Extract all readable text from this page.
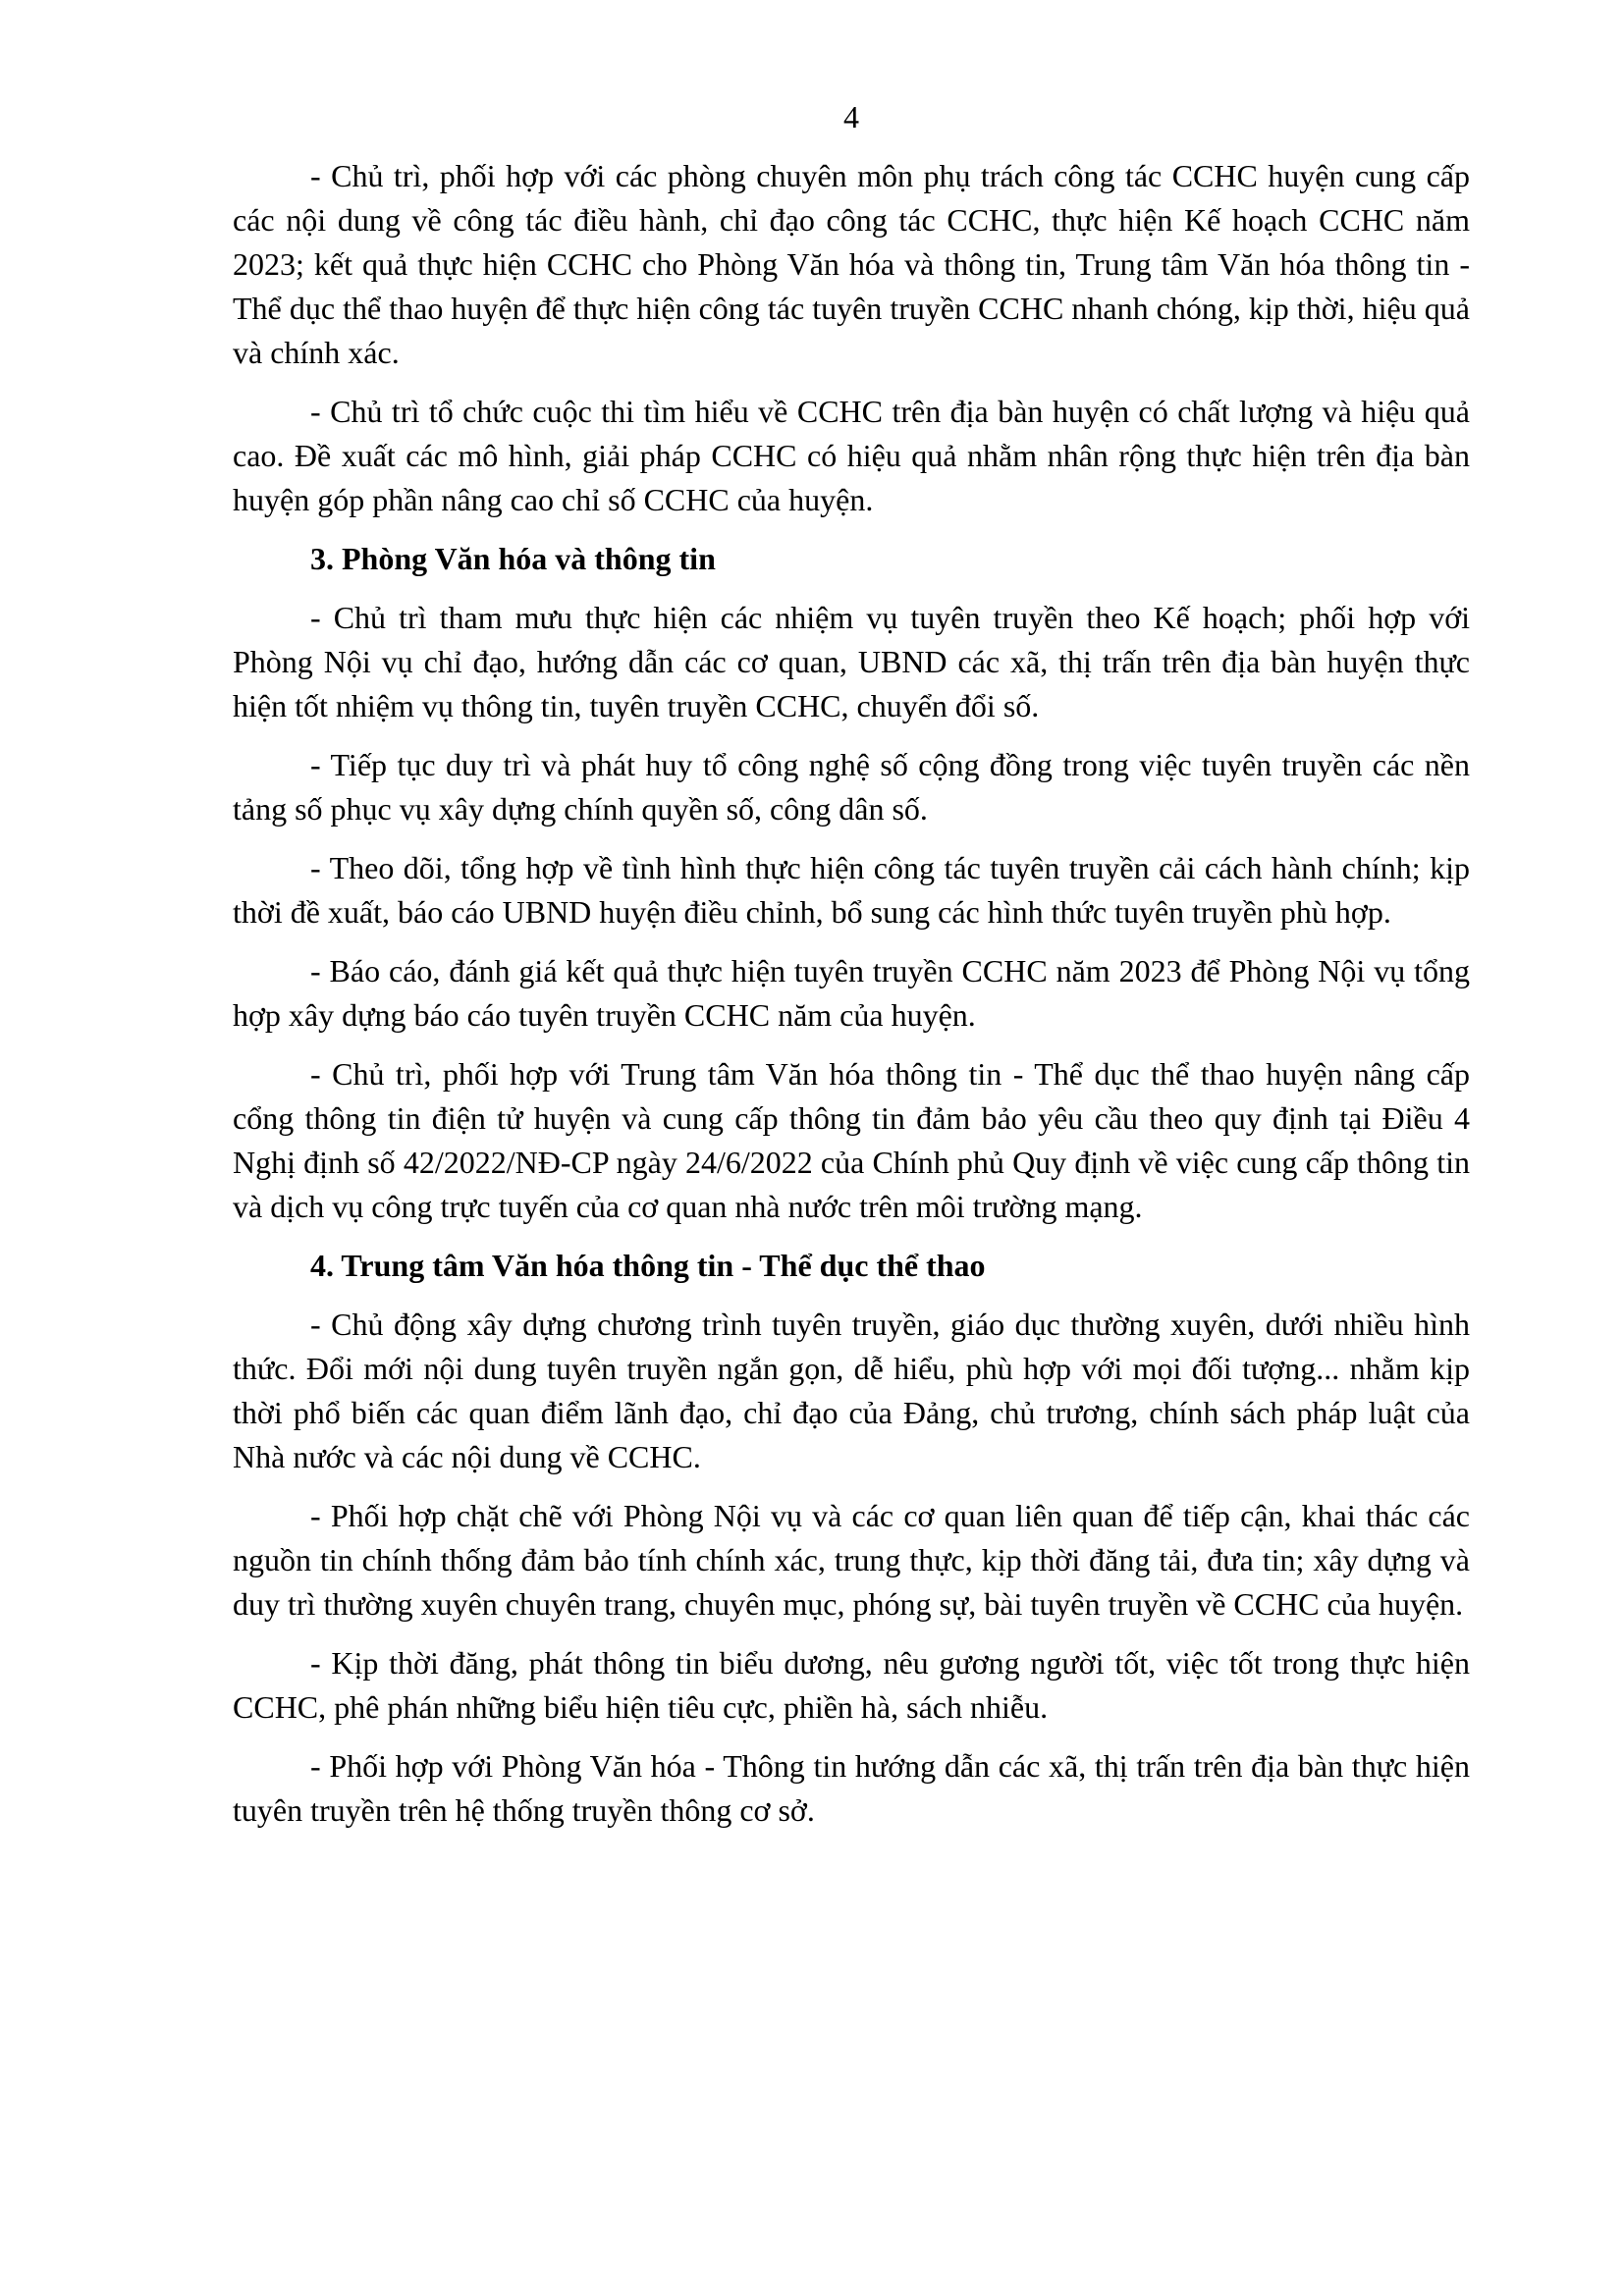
4
- Chủ trì, phối hợp với các phòng chuyên môn phụ trách công tác CCHC huyện cung cấp các nội dung về công tác điều hành, chỉ đạo công tác CCHC, thực hiện Kế hoạch CCHC năm 2023; kết quả thực hiện CCHC cho Phòng Văn hóa và thông tin, Trung tâm Văn hóa thông tin - Thể dục thể thao huyện để thực hiện công tác tuyên truyền CCHC nhanh chóng, kịp thời, hiệu quả và chính xác.
- Chủ trì tổ chức cuộc thi tìm hiểu về CCHC trên địa bàn huyện có chất lượng và hiệu quả cao. Đề xuất các mô hình, giải pháp CCHC có hiệu quả nhằm nhân rộng thực hiện trên địa bàn huyện góp phần nâng cao chỉ số CCHC của huyện.
3. Phòng Văn hóa và thông tin
- Chủ trì tham mưu thực hiện các nhiệm vụ tuyên truyền theo Kế hoạch; phối hợp với Phòng Nội vụ chỉ đạo, hướng dẫn các cơ quan, UBND các xã, thị trấn trên địa bàn huyện thực hiện tốt nhiệm vụ thông tin, tuyên truyền CCHC, chuyển đổi số.
- Tiếp tục duy trì và phát huy tổ công nghệ số cộng đồng trong việc tuyên truyền các nền tảng số phục vụ xây dựng chính quyền số, công dân số.
- Theo dõi, tổng hợp về tình hình thực hiện công tác tuyên truyền cải cách hành chính; kịp thời đề xuất, báo cáo UBND huyện điều chỉnh, bổ sung các hình thức tuyên truyền phù hợp.
- Báo cáo, đánh giá kết quả thực hiện tuyên truyền CCHC năm 2023 để Phòng Nội vụ tổng hợp xây dựng báo cáo tuyên truyền CCHC năm của huyện.
- Chủ trì, phối hợp với Trung tâm Văn hóa thông tin - Thể dục thể thao huyện nâng cấp cổng thông tin điện tử huyện và cung cấp thông tin đảm bảo yêu cầu theo quy định tại Điều 4 Nghị định số 42/2022/NĐ-CP ngày 24/6/2022 của Chính phủ Quy định về việc cung cấp thông tin và dịch vụ công trực tuyến của cơ quan nhà nước trên môi trường mạng.
4. Trung tâm Văn hóa thông tin - Thể dục thể thao
- Chủ động xây dựng chương trình tuyên truyền, giáo dục thường xuyên, dưới nhiều hình thức. Đổi mới nội dung tuyên truyền ngắn gọn, dễ hiểu, phù hợp với mọi đối tượng... nhằm kịp thời phổ biến các quan điểm lãnh đạo, chỉ đạo của Đảng, chủ trương, chính sách pháp luật của Nhà nước và các nội dung về CCHC.
- Phối hợp chặt chẽ với Phòng Nội vụ và các cơ quan liên quan để tiếp cận, khai thác các nguồn tin chính thống đảm bảo tính chính xác, trung thực, kịp thời đăng tải, đưa tin; xây dựng và duy trì thường xuyên chuyên trang, chuyên mục, phóng sự, bài tuyên truyền về CCHC của huyện.
- Kịp thời đăng, phát thông tin biểu dương, nêu gương người tốt, việc tốt trong thực hiện CCHC, phê phán những biểu hiện tiêu cực, phiền hà, sách nhiễu.
- Phối hợp với Phòng Văn hóa - Thông tin hướng dẫn các xã, thị trấn trên địa bàn thực hiện tuyên truyền trên hệ thống truyền thông cơ sở.
